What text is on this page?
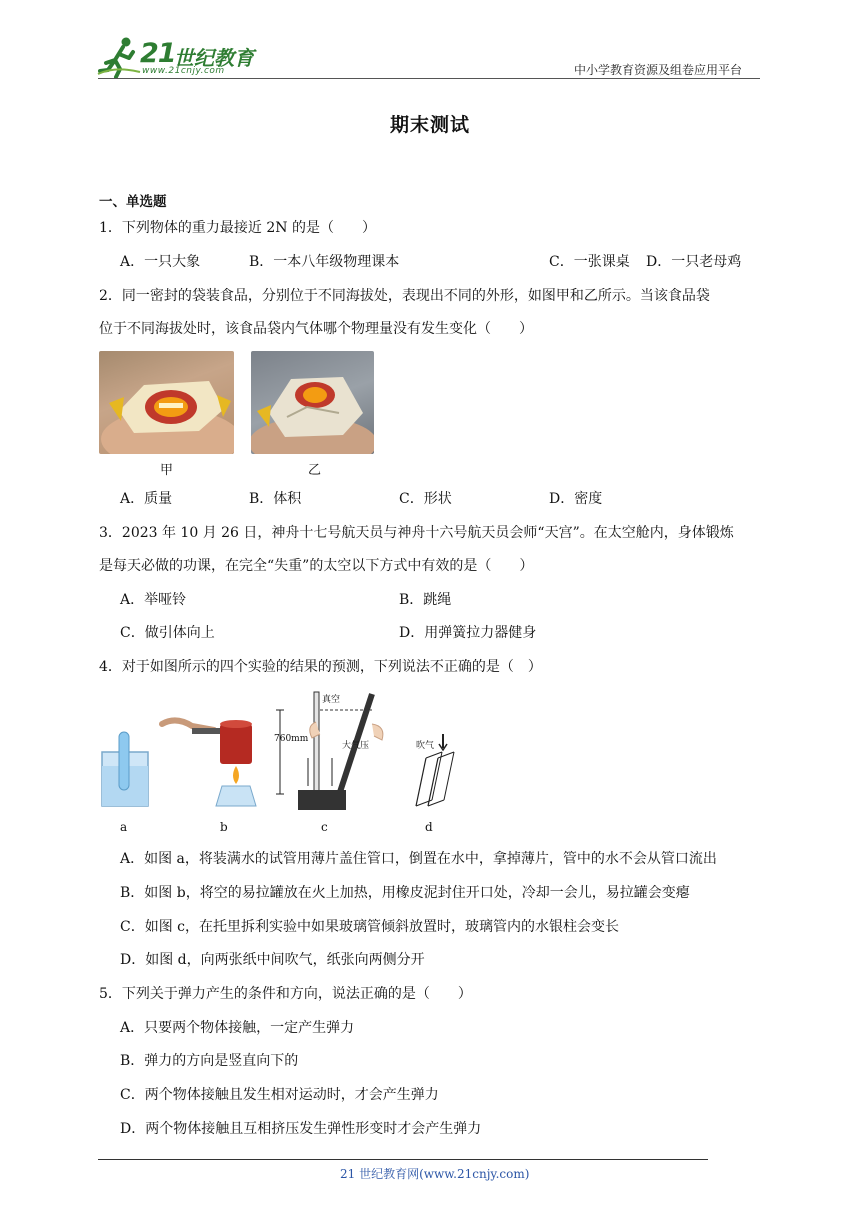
21
世纪教育
www.21cnjy.com	中小学教育资源及组卷应用平台
期末测试
一、单选题
1．下列物体的重力最接近 2N 的是（　　）
A．一只大象	B．一本八年级物理课本	C．一张课桌 D．一只老母鸡
2．同一密封的袋装食品，分别位于不同海拔处，表现出不同的外形，如图甲和乙所示。当该食品袋
位于不同海拔处时，该食品袋内气体哪个物理量没有发生变化（　　）
甲	乙
A．质量	B．体积	C．形状	D．密度
3．2023 年 10 月 26 日，神舟十七号航天员与神舟十六号航天员会师“天宫”。在太空舱内，身体锻炼
是每天必做的功课，在完全“失重”的太空以下方式中有效的是（　　）
A．举哑铃	B．跳绳
C．做引体向上	D．用弹簧拉力器健身
4．对于如图所示的四个实验的结果的预测，下列说法不正确的是（　）
真空
760mm
大气压	吹气
a	b	c	d
A．如图 a，将装满水的试管用薄片盖住管口，倒置在水中，拿掉薄片，管中的水不会从管口流出
B．如图 b，将空的易拉罐放在火上加热，用橡皮泥封住开口处，冷却一会儿，易拉罐会变瘪
C．如图 c，在托里拆利实验中如果玻璃管倾斜放置时，玻璃管内的水银柱会变长
D．如图 d，向两张纸中间吹气，纸张向两侧分开
5．下列关于弹力产生的条件和方向，说法正确的是（　　）
A．只要两个物体接触，一定产生弹力
B．弹力的方向是竖直向下的
C．两个物体接触且发生相对运动时，才会产生弹力
D．两个物体接触且互相挤压发生弹性形变时才会产生弹力
21 世纪教育网(www.21cnjy.com)
